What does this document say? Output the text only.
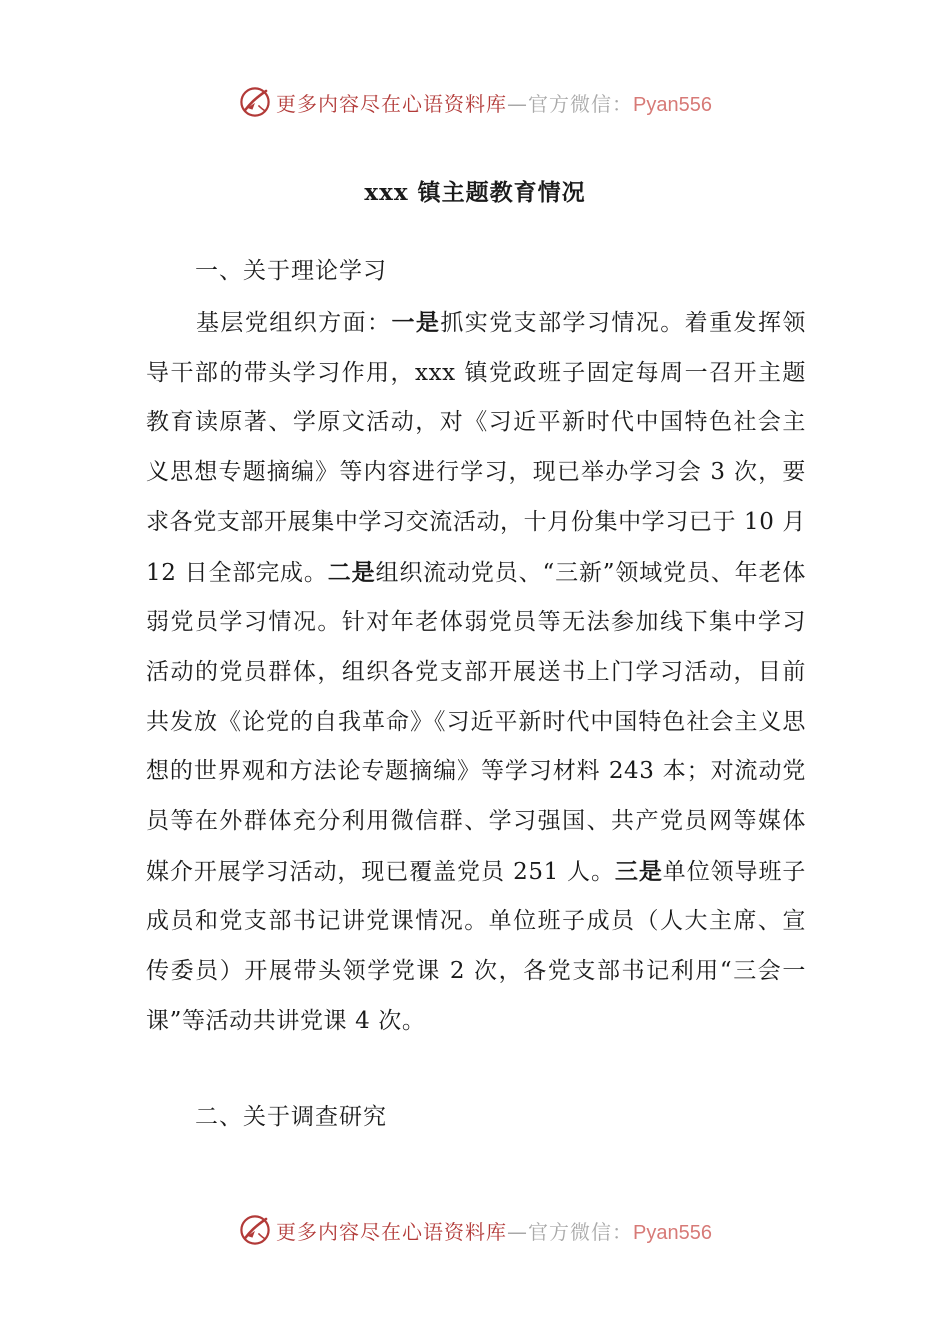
更多内容尽在心语资料库—官方微信：Pyan556
xxx 镇主题教育情况
一、关于理论学习

基层党组织方面：一是抓实党支部学习情况。着重发挥领导干部的带头学习作用，xxx 镇党政班子固定每周一召开主题教育读原著、学原文活动，对《习近平新时代中国特色社会主义思想专题摘编》等内容进行学习，现已举办学习会 3 次，要求各党支部开展集中学习交流活动，十月份集中学习已于 10 月 12 日全部完成。二是组织流动党员、“三新”领域党员、年老体弱党员学习情况。针对年老体弱党员等无法参加线下集中学习活动的党员群体，组织各党支部开展送书上门学习活动，目前共发放《论党的自我革命》《习近平新时代中国特色社会主义思想的世界观和方法论专题摘编》等学习材料 243 本；对流动党员等在外群体充分利用微信群、学习强国、共产党员网等媒体媒介开展学习活动，现已覆盖党员 251 人。三是单位领导班子成员和党支部书记讲党课情况。单位班子成员（人大主席、宣传委员）开展带头领学党课 2 次，各党支部书记利用“三会一课”等活动共讲党课 4 次。

二、关于调查研究
更多内容尽在心语资料库—官方微信：Pyan556
